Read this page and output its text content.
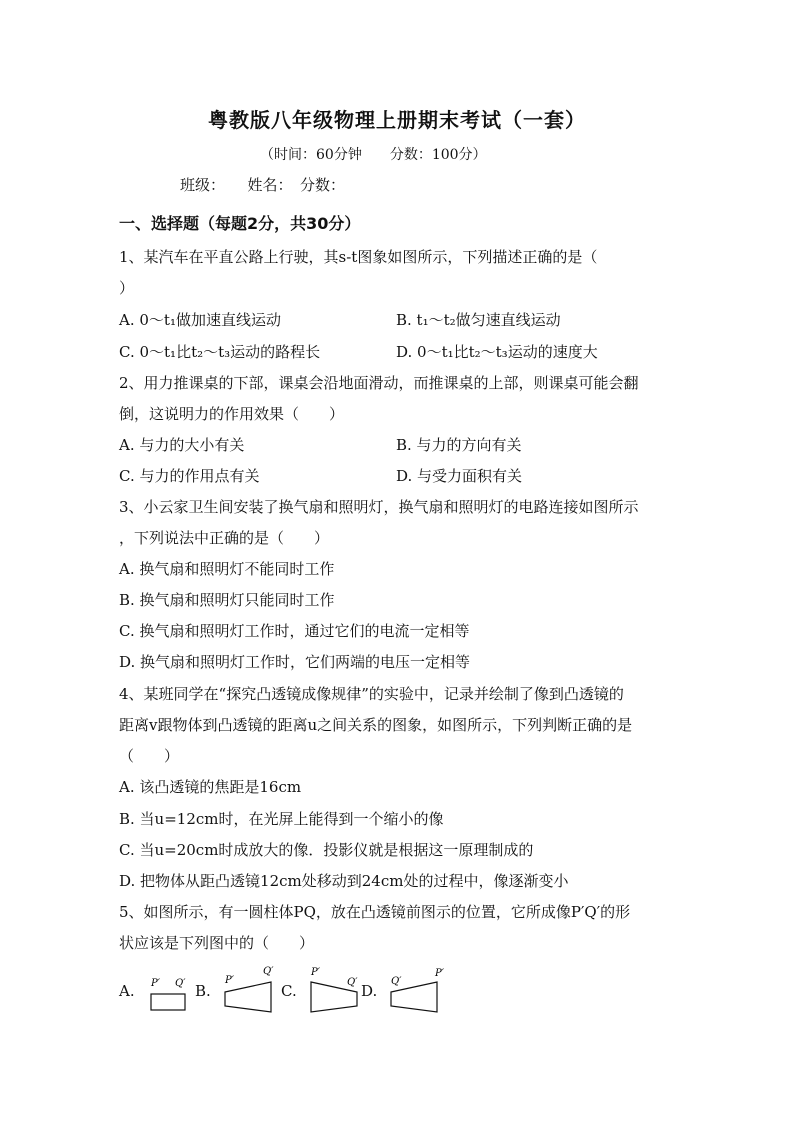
粤教版八年级物理上册期末考试（一套）
（时间：60分钟　　分数：100分）
班级：　　姓名：　分数：
一、选择题（每题2分，共30分）
1、某汽车在平直公路上行驶，其s-t图象如图所示，下列描述正确的是（
）
A. 0～t₁做加速直线运动	B. t₁～t₂做匀速直线运动
C. 0～t₁比t₂～t₃运动的路程长	D. 0～t₁比t₂～t₃运动的速度大
2、用力推课桌的下部，课桌会沿地面滑动，而推课桌的上部，则课桌可能会翻
倒，这说明力的作用效果（　　）
A. 与力的大小有关	B. 与力的方向有关
C. 与力的作用点有关	D. 与受力面积有关
3、小云家卫生间安装了换气扇和照明灯，换气扇和照明灯的电路连接如图所示
，下列说法中正确的是（　　）
A. 换气扇和照明灯不能同时工作
B. 换气扇和照明灯只能同时工作
C. 换气扇和照明灯工作时，通过它们的电流一定相等
D. 换气扇和照明灯工作时，它们两端的电压一定相等
4、某班同学在“探究凸透镜成像规律”的实验中，记录并绘制了像到凸透镜的
距离v跟物体到凸透镜的距离u之间关系的图象，如图所示，下列判断正确的是
（　　）
A. 该凸透镜的焦距是16cm
B. 当u=12cm时，在光屏上能得到一个缩小的像
C. 当u=20cm时成放大的像．投影仪就是根据这一原理制成的
D. 把物体从距凸透镜12cm处移动到24cm处的过程中，像逐渐变小
5、如图所示，有一圆柱体PQ，放在凸透镜前图示的位置，它所成像P′Q′的形
状应该是下列图中的（　　）
A.	B.	C.	D.
P′ Q′	P′
Q′	P′
Q′	Q′
P′
